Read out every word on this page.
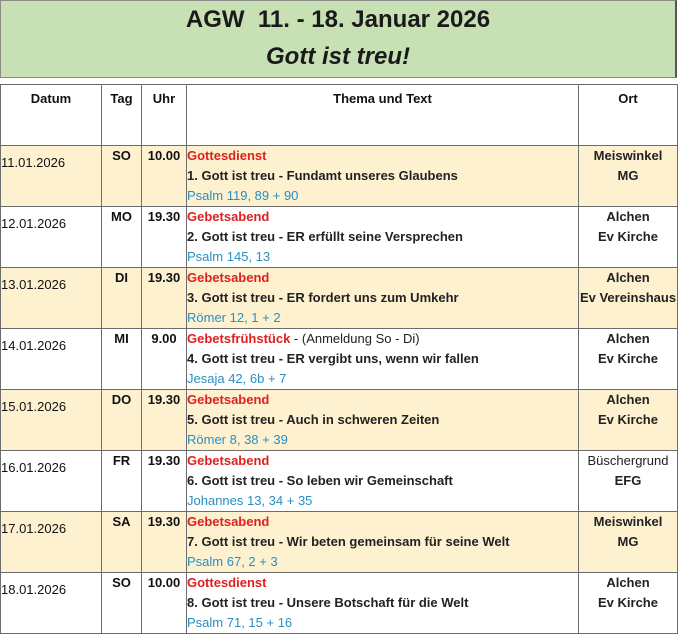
AGW  11. - 18. Januar 2026
Gott ist treu!
Datum	Tag	Uhr	Thema und Text	Ort

11.01.2026	SO	10.00	Gottesdienst
1. Gott ist treu - Fundamt unseres Glaubens
Psalm 119, 89 + 90	Meiswinkel
MG

12.01.2026	MO	19.30	Gebetsabend
2. Gott ist treu - ER erfüllt seine Versprechen
Psalm 145, 13	Alchen
Ev Kirche

13.01.2026	DI	19.30	Gebetsabend
3. Gott ist treu - ER fordert uns zum Umkehr
Römer 12, 1 + 2	Alchen
Ev Vereinshaus

14.01.2026	MI	9.00	Gebetsfrühstück - (Anmeldung So - Di)
4. Gott ist treu - ER vergibt uns, wenn wir fallen
Jesaja 42, 6b + 7	Alchen
Ev Kirche

15.01.2026	DO	19.30	Gebetsabend
5. Gott ist treu - Auch in schweren Zeiten
Römer 8, 38 + 39	Alchen
Ev Kirche

16.01.2026	FR	19.30	Gebetsabend
6. Gott ist treu - So leben wir Gemeinschaft
Johannes 13, 34 + 35	Büschergrund
EFG

17.01.2026	SA	19.30	Gebetsabend
7. Gott ist treu - Wir beten gemeinsam für seine Welt
Psalm 67, 2 + 3	Meiswinkel
MG

18.01.2026	SO	10.00	Gottesdienst
8. Gott ist treu - Unsere Botschaft für die Welt
Psalm 71, 15 + 16	Alchen
Ev Kirche
